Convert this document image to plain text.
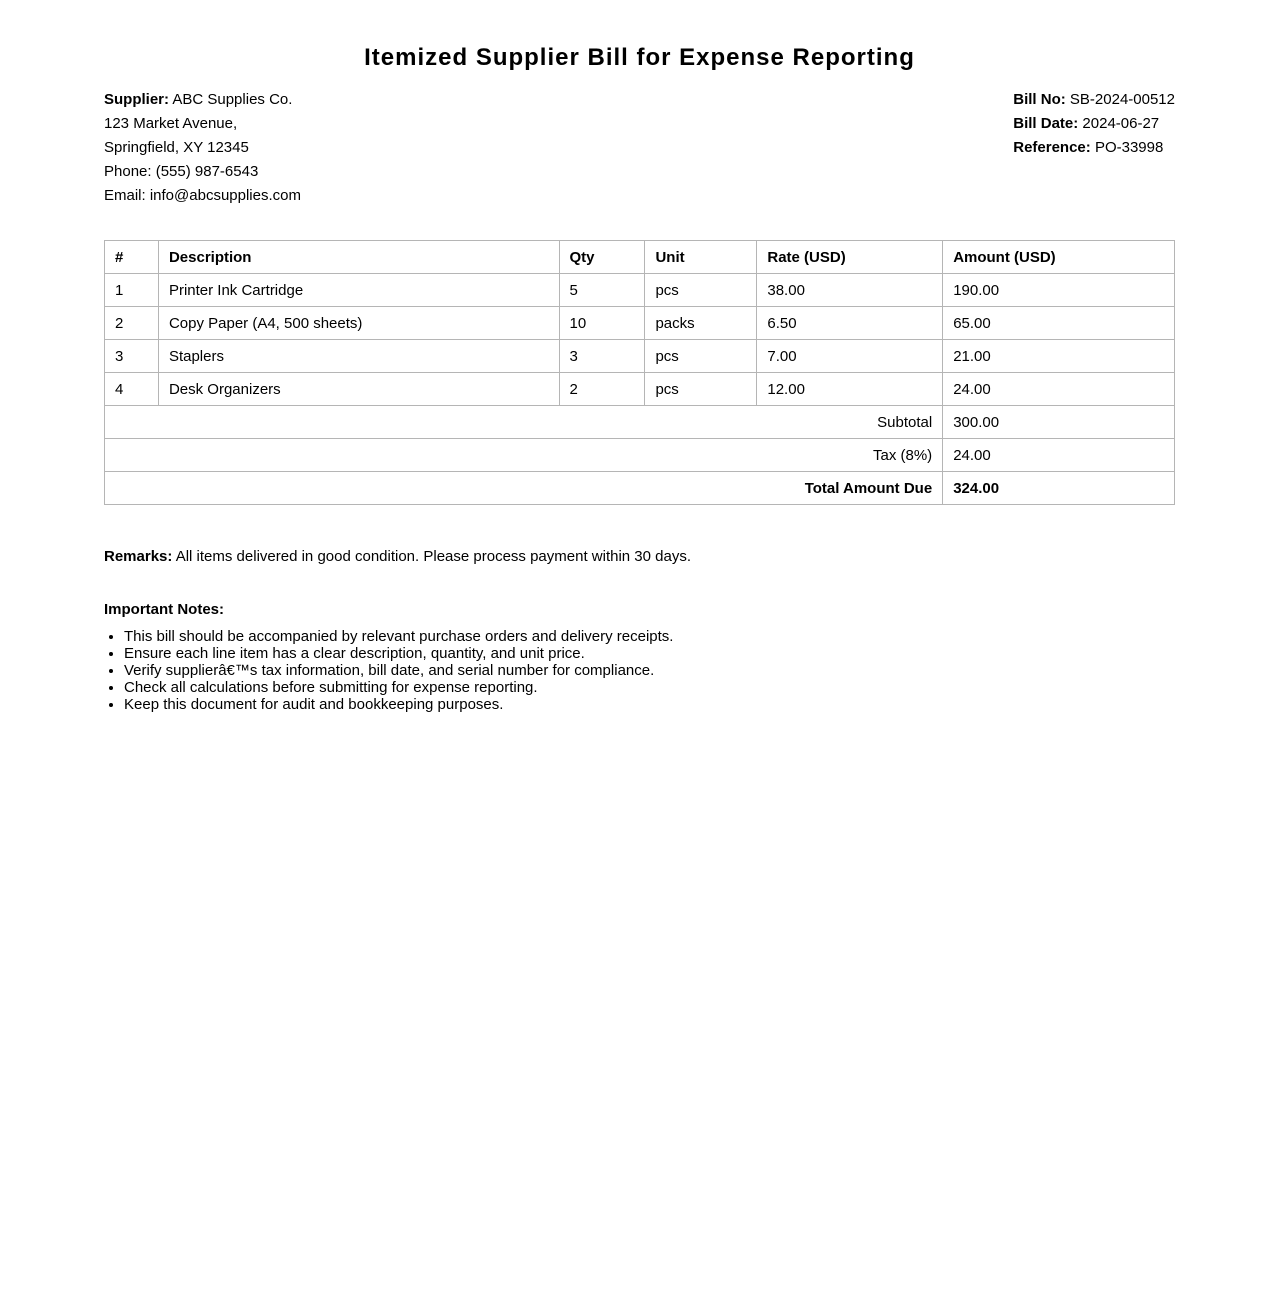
Itemized Supplier Bill for Expense Reporting
Supplier: ABC Supplies Co.
123 Market Avenue,
Springfield, XY 12345
Phone: (555) 987-6543
Email: info@abcsupplies.com
Bill No: SB-2024-00512
Bill Date: 2024-06-27
Reference: PO-33998
#	Description	Qty	Unit	Rate (USD)	Amount (USD)
1	Printer Ink Cartridge	5	pcs	38.00	190.00
2	Copy Paper (A4, 500 sheets)	10	packs	6.50	65.00
3	Staplers	3	pcs	7.00	21.00
4	Desk Organizers	2	pcs	12.00	24.00
Subtotal					300.00
Tax (8%)					24.00
Total Amount Due					324.00
Remarks: All items delivered in good condition. Please process payment within 30 days.
Important Notes:
• This bill should be accompanied by relevant purchase orders and delivery receipts.
• Ensure each line item has a clear description, quantity, and unit price.
• Verify supplierâ€™s tax information, bill date, and serial number for compliance.
• Check all calculations before submitting for expense reporting.
• Keep this document for audit and bookkeeping purposes.
